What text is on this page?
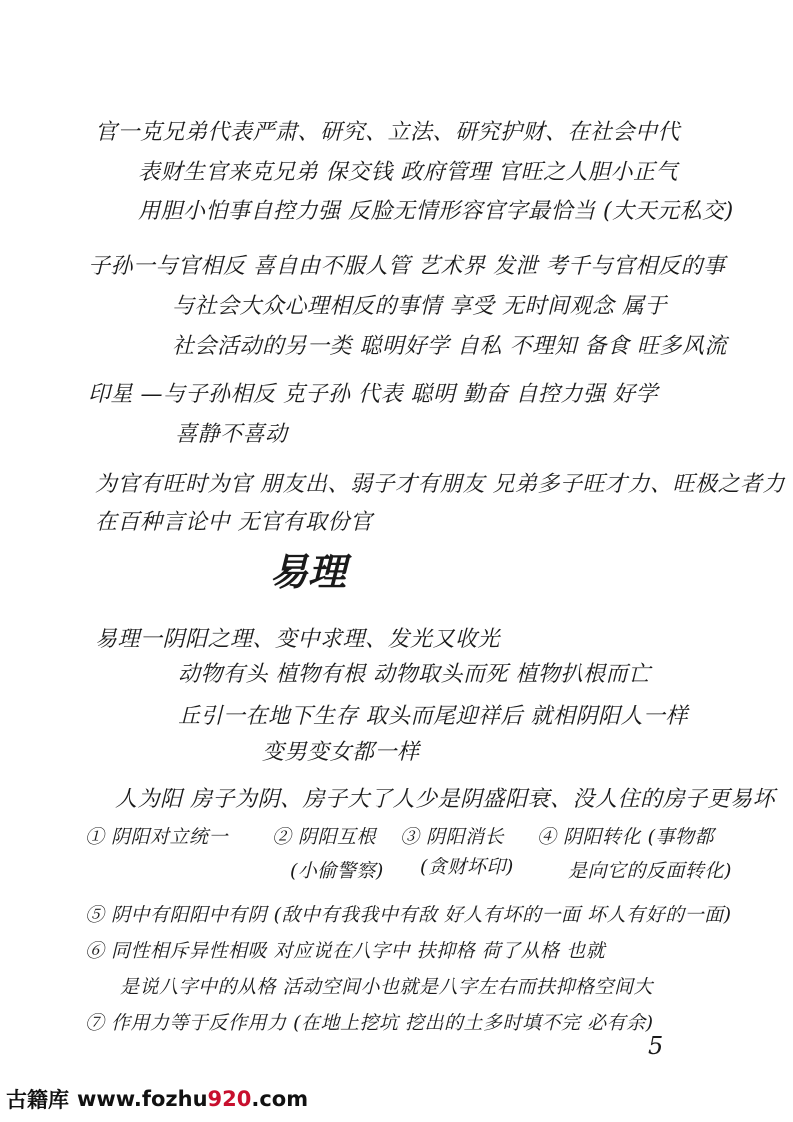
官一克兄弟代表严肃、研究、立法、研究护财、在社会中代
表财生官来克兄弟 保交钱 政府管理 官旺之人胆小正气
用胆小怕事自控力强 反脸无情形容官字最恰当 (大天元私交)
子孙一与官相反 喜自由不服人管 艺术界 发泄 考千与官相反的事
与社会大众心理相反的事情 享受 无时间观念 属于
社会活动的另一类 聪明好学 自私 不理知 备食 旺多风流
印星 —与子孙相反 克子孙 代表 聪明 勤奋 自控力强 好学
喜静不喜动
为官有旺时为官 朋友出、弱子才有朋友 兄弟多子旺才力、旺极之者力
在百种言论中 无官有取份官
易理
易理一阴阳之理、变中求理、发光又收光
动物有头 植物有根 动物取头而死 植物扒根而亡
丘引一在地下生存 取头而尾迎祥后 就相阴阳人一样
变男变女都一样
人为阳 房子为阴、房子大了人少是阴盛阳衰、没人住的房子更易坏
① 阴阳对立统一 ② 阴阳互根 ③ 阴阳消长 ④ 阴阳转化 (事物都
(小偷警察) (贪财坏印)	是向它的反面转化)
⑤ 阴中有阳阳中有阴 (敌中有我我中有敌 好人有坏的一面 坏人有好的一面)
⑥ 同性相斥异性相吸 对应说在八字中 扶抑格 荷了从格 也就
是说八字中的从格 活动空间小也就是八字左右而扶抑格空间大
⑦ 作用力等于反作用力 (在地上挖坑 挖出的土多时填不完 必有余)
5
古籍库 www.fozhu920.com
